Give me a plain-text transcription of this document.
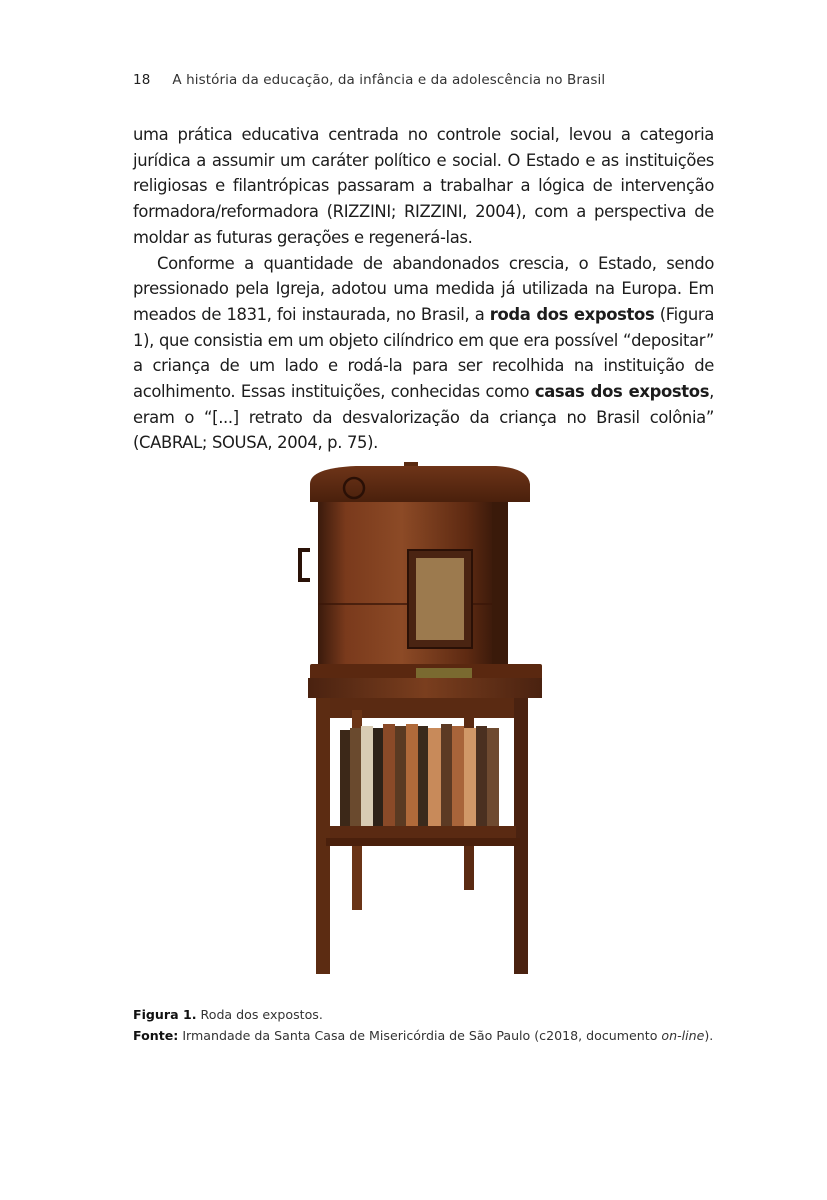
18 A história da educação, da infância e da adolescência no Brasil

uma prática educativa centrada no controle social, levou a categoria jurídica a assumir um caráter político e social. O Estado e as instituições religiosas e filantrópicas passaram a trabalhar a lógica de intervenção formadora/reformadora (RIZZINI; RIZZINI, 2004), com a perspectiva de moldar as futuras gerações e regenerá-las.

Conforme a quantidade de abandonados crescia, o Estado, sendo pressionado pela Igreja, adotou uma medida já utilizada na Europa. Em meados de 1831, foi instaurada, no Brasil, a roda dos expostos (Figura 1), que consistia em um objeto cilíndrico em que era possível “depositar” a criança de um lado e rodá-la para ser recolhida na instituição de acolhimento. Essas instituições, conhecidas como casas dos expostos, eram o “[...] retrato da desvalorização da criança no Brasil colônia” (CABRAL; SOUSA, 2004, p. 75).

Figura 1. Roda dos expostos.
Fonte: Irmandade da Santa Casa de Misericórdia de São Paulo (c2018, documento on-line).
